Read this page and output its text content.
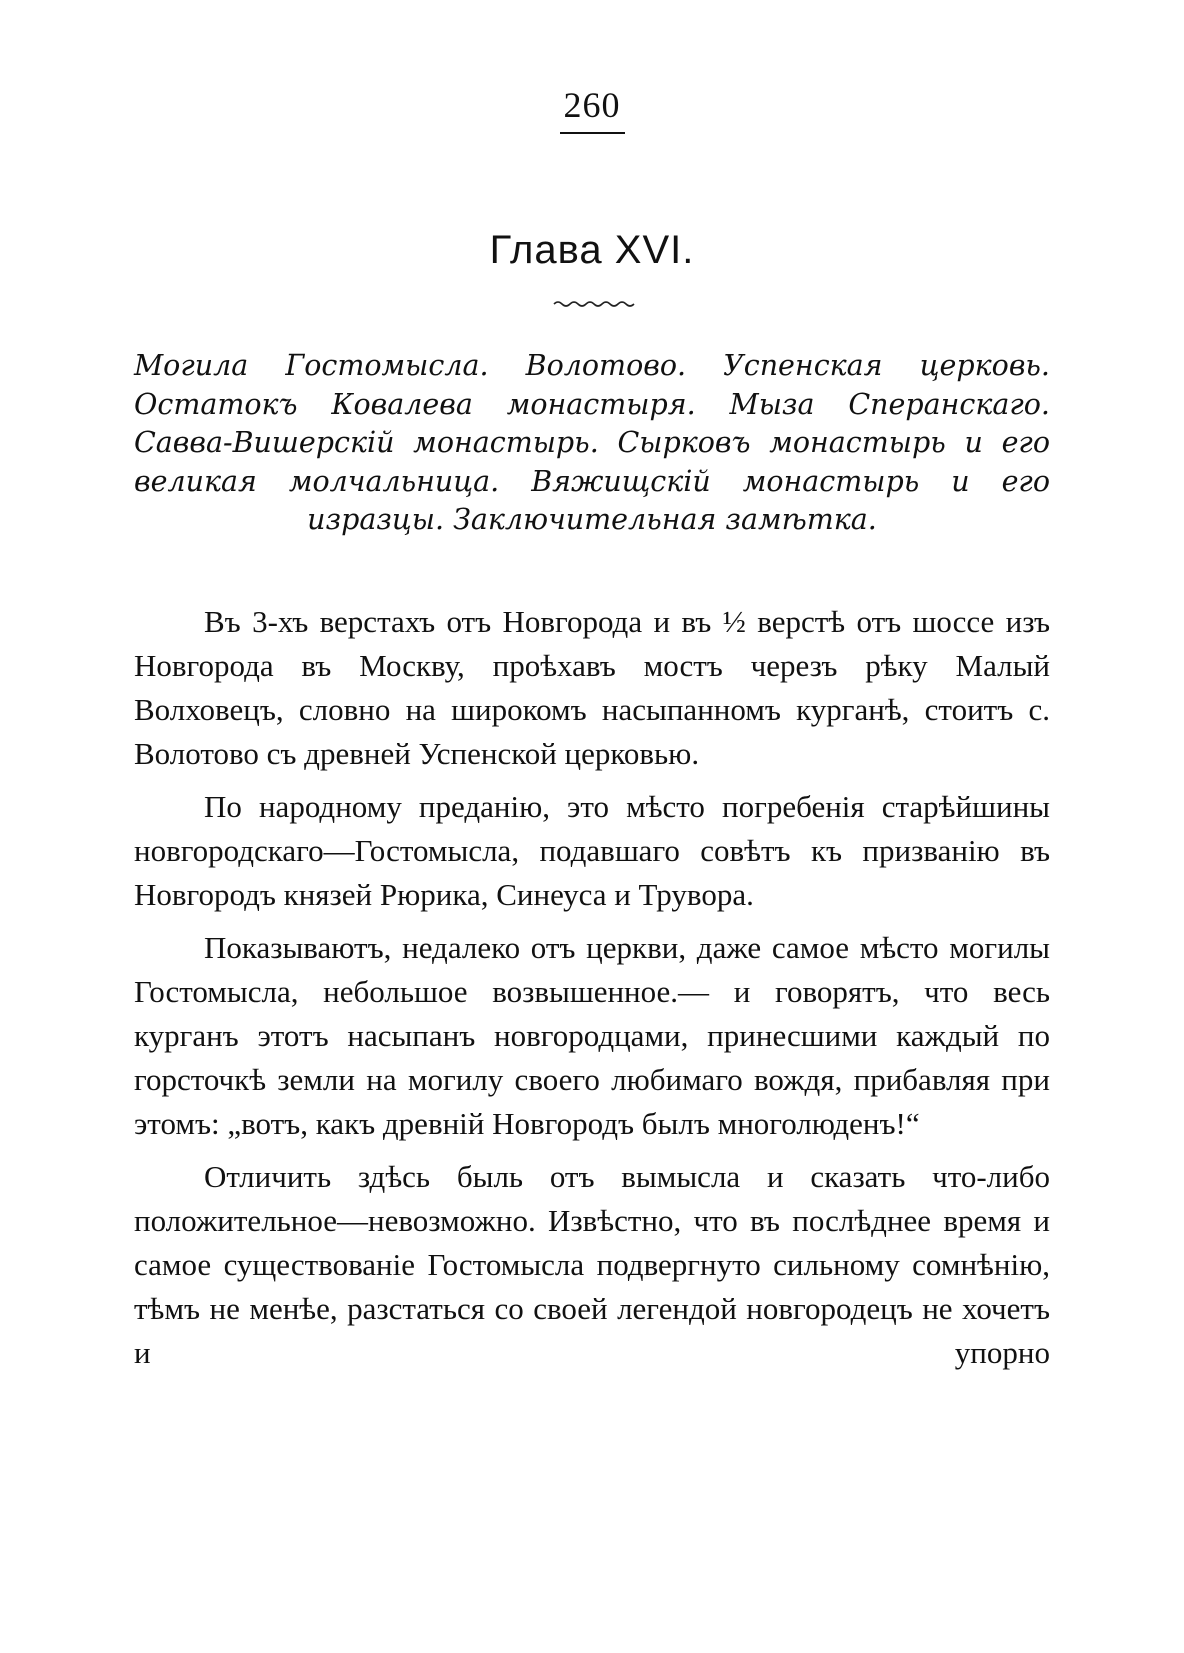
260
Глава XVI.

Могила Гостомысла. Волотово. Успенская церковь. Остатокъ Ковалева монастыря. Мыза Сперанскаго. Савва-Вишерскій монастырь. Сырковъ монастырь и его великая молчальница. Вяжищскій монастырь и его изразцы. Заключительная замѣтка.

Въ 3-хъ верстахъ отъ Новгорода и въ ½ верстѣ отъ шоссе изъ Новгорода въ Москву, проѣхавъ мостъ черезъ рѣку Малый Волховецъ, словно на широкомъ насыпанномъ курганѣ, стоитъ с. Волотово съ древней Успенской церковью.

По народному преданію, это мѣсто погребенія старѣйшины новгородскаго—Гостомысла, подавшаго совѣтъ къ призванію въ Новгородъ князей Рюрика, Синеуса и Трувора.

Показываютъ, недалеко отъ церкви, даже самое мѣсто могилы Гостомысла, небольшое возвышенное.— и говорятъ, что весь курганъ этотъ насыпанъ новгородцами, принесшими каждый по горсточкѣ земли на могилу своего любимаго вождя, прибавляя при этомъ: „вотъ, какъ древній Новгородъ былъ многолюденъ!“

Отличить здѣсь быль отъ вымысла и сказать что-либо положительное—невозможно. Извѣстно, что въ послѣднее время и самое существованіе Гостомысла подвергнуто сильному сомнѣнію, тѣмъ не менѣе, разстаться со своей легендой новгородецъ не хочетъ и упорно
